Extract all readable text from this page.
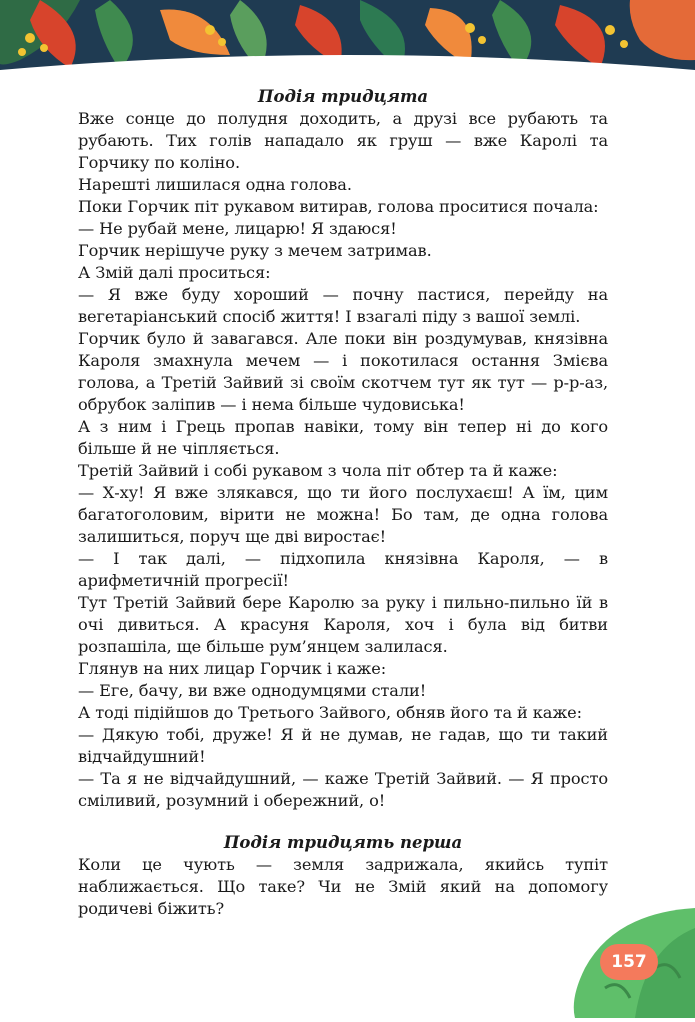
Подія тридцята

Вже сонце до полудня доходить, а друзі все рубають та рубають. Тих голів нападало як груш — вже Каролі та Горчику по коліно.

Нарешті лишилася одна голова.

Поки Горчик піт рукавом витирав, голова проситися почала:

— Не рубай мене, лицарю! Я здаюся!

Горчик нерішуче руку з мечем затримав.

А Змій далі проситься:

— Я вже буду хороший — почну пастися, перейду на вегетаріанський спосіб життя! І взагалі піду з вашої землі.

Горчик було й завагався. Але поки він роздумував, князівна Кароля змахнула мечем — і покотилася остання Змієва голова, а Третій Зайвий зі своїм скотчем тут як тут — р-р-аз, обрубок заліпив — і нема більше чудовиська!

А з ним і Грець пропав навіки, тому він тепер ні до кого більше й не чіпляється.

Третій Зайвий і собі рукавом з чола піт обтер та й каже:

— Х-ху! Я вже злякався, що ти його послухаєш! А їм, цим багатоголовим, вірити не можна! Бо там, де одна голова залишиться, поруч ще дві виростає!

— І так далі, — підхопила князівна Кароля, — в арифметичній прогресії!

Тут Третій Зайвий бере Каролю за руку і пильно-пильно їй в очі дивиться. А красуня Кароля, хоч і була від битви розпашіла, ще більше рум’янцем залилася.

Глянув на них лицар Горчик і каже:

— Еге, бачу, ви вже однодумцями стали!

А тоді підійшов до Третього Зайвого, обняв його та й каже:

— Дякую тобі, друже! Я й не думав, не гадав, що ти такий відчайдушний!

— Та я не відчайдушний, — каже Третій Зайвий. — Я просто сміливий, розумний і обережний, о!

Подія тридцять перша

Коли це чують — земля задрижала, якийсь тупіт наближається. Що таке? Чи не Змій який на допомогу родичеві біжить?

157
